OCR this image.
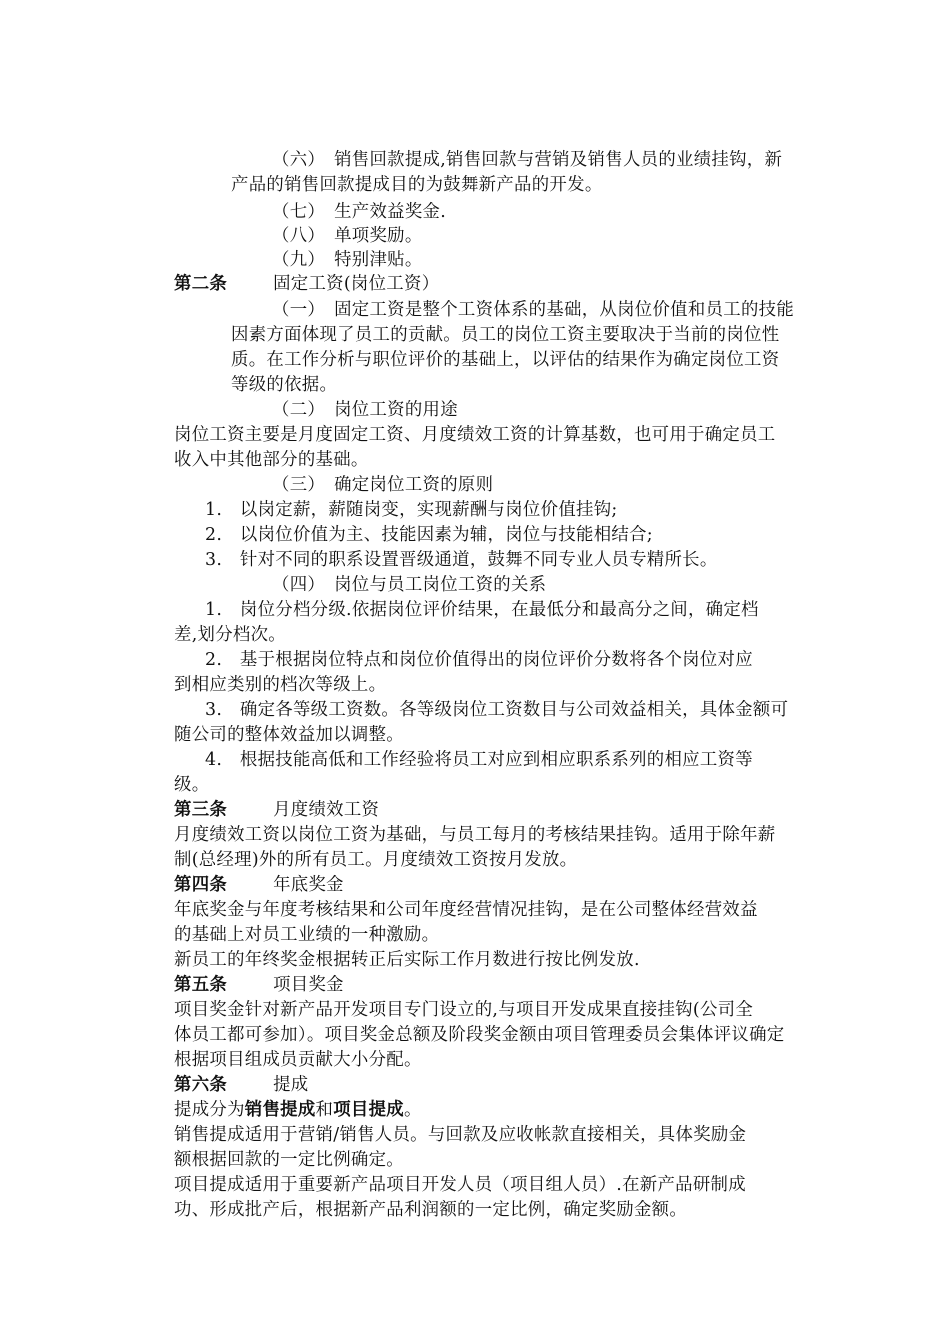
（六）　销售回款提成,销售回款与营销及销售人员的业绩挂钩，新
产品的销售回款提成目的为鼓舞新产品的开发。
（七）　生产效益奖金.
（八）　单项奖励。
（九）　特别津贴。
第二条	固定工资(岗位工资）
（一）　固定工资是整个工资体系的基础，从岗位价值和员工的技能
因素方面体现了员工的贡献。员工的岗位工资主要取决于当前的岗位性
质。在工作分析与职位评价的基础上，以评估的结果作为确定岗位工资
等级的依据。
（二）　岗位工资的用途
岗位工资主要是月度固定工资、月度绩效工资的计算基数，也可用于确定员工
收入中其他部分的基础。
（三）　确定岗位工资的原则
1.　以岗定薪，薪随岗变，实现薪酬与岗位价值挂钩;
2.　以岗位价值为主、技能因素为辅，岗位与技能相结合;
3.　针对不同的职系设置晋级通道，鼓舞不同专业人员专精所长。
（四）　岗位与员工岗位工资的关系
1.　岗位分档分级.依据岗位评价结果，在最低分和最高分之间，确定档
差,划分档次。
2.　基于根据岗位特点和岗位价值得出的岗位评价分数将各个岗位对应
到相应类别的档次等级上。
3.　确定各等级工资数。各等级岗位工资数目与公司效益相关，具体金额可
随公司的整体效益加以调整。
4.　根据技能高低和工作经验将员工对应到相应职系系列的相应工资等
级。
第三条	月度绩效工资
月度绩效工资以岗位工资为基础，与员工每月的考核结果挂钩。适用于除年薪
制(总经理)外的所有员工。月度绩效工资按月发放。
第四条	年底奖金
年底奖金与年度考核结果和公司年度经营情况挂钩，是在公司整体经营效益
的基础上对员工业绩的一种激励。
新员工的年终奖金根据转正后实际工作月数进行按比例发放.
第五条	项目奖金
项目奖金针对新产品开发项目专门设立的,与项目开发成果直接挂钩(公司全
体员工都可参加）。项目奖金总额及阶段奖金额由项目管理委员会集体评议确定
根据项目组成员贡献大小分配。
第六条	提成
提成分为销售提成和项目提成。
销售提成适用于营销/销售人员。与回款及应收帐款直接相关，具体奖励金
额根据回款的一定比例确定。
项目提成适用于重要新产品项目开发人员（项目组人员）.在新产品研制成
功、形成批产后，根据新产品利润额的一定比例，确定奖励金额。
